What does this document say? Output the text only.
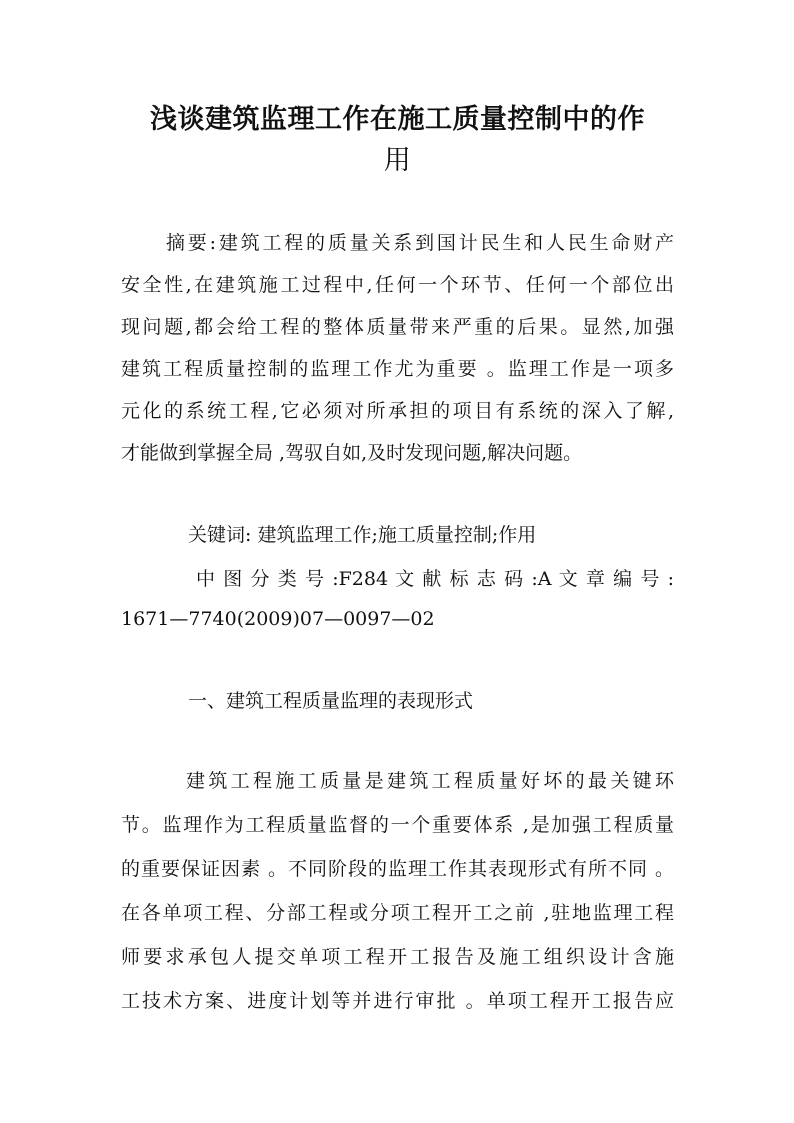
浅谈建筑监理工作在施工质量控制中的作
用
摘要:建筑工程的质量关系到国计民生和人民生命财产
安全性,在建筑施工过程中,任何一个环节、任何一个部位出
现问题,都会给工程的整体质量带来严重的后果。显然,加强
建筑工程质量控制的监理工作尤为重要 。监理工作是一项多
元化的系统工程,它必须对所承担的项目有系统的深入了解,
才能做到掌握全局 ,驾驭自如,及时发现问题,解决问题。
关键词: 建筑监理工作;施工质量控制;作用
中 图 分 类 号 :F284 文 献 标 志 码 :A 文 章 编 号 :
1671—7740(2009)07—0097—02
一、建筑工程质量监理的表现形式
建筑工程施工质量是建筑工程质量好坏的最关键环
节。监理作为工程质量监督的一个重要体系 ,是加强工程质量
的重要保证因素 。不同阶段的监理工作其表现形式有所不同 。
在各单项工程、分部工程或分项工程开工之前 ,驻地监理工程
师要求承包人提交单项工程开工报告及施工组织设计含施
工技术方案、进度计划等并进行审批 。单项工程开工报告应
